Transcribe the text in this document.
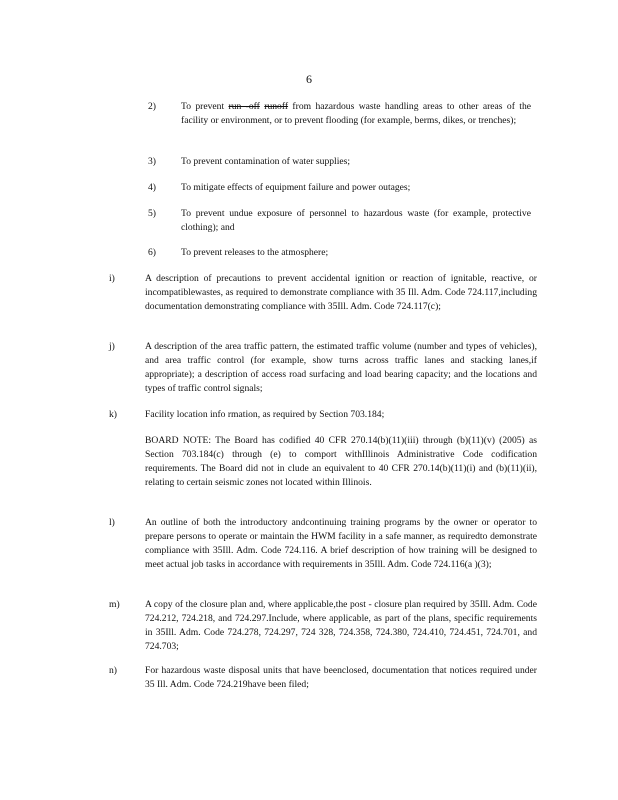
6
2)	To prevent run -off runoff from hazardous waste handling areas to other areas of the facility or environment, or to prevent flooding (for example, berms, dikes, or trenches);
3)	To prevent contamination of water supplies;
4)	To mitigate effects of equipment failure and power outages;
5)	To prevent undue exposure of personnel to hazardous waste (for example, protective clothing); and
6)	To prevent releases to the atmosphere;
i)	A description of precautions to prevent accidental ignition or reaction of ignitable, reactive, or incompatiblewastes, as required to demonstrate compliance with 35 Ill. Adm. Code 724.117,including documentation demonstrating compliance with 35Ill. Adm. Code 724.117(c);
j)	A description of the area traffic pattern, the estimated traffic volume (number and types of vehicles), and area traffic control (for example, show turns across traffic lanes and stacking lanes,if appropriate); a description of access road surfacing and load bearing capacity; and the locations and types of traffic control signals;
k)	Facility location info rmation, as required by Section 703.184;
BOARD NOTE: The Board has codified 40 CFR 270.14(b)(11)(iii) through (b)(11)(v) (2005) as Section 703.184(c) through (e) to comport withIllinois Administrative Code codification requirements. The Board did not in clude an equivalent to 40 CFR 270.14(b)(11)(i) and (b)(11)(ii), relating to certain seismic zones not located within Illinois.
l)	An outline of both the introductory andcontinuing training programs by the owner or operator to prepare persons to operate or maintain the HWM facility in a safe manner, as requiredto demonstrate compliance with 35Ill. Adm. Code 724.116. A brief description of how training will be designed to meet actual job tasks in accordance with requirements in 35Ill. Adm. Code 724.116(a )(3);
m)	A copy of the closure plan and, where applicable,the post - closure plan required by 35Ill. Adm. Code 724.212, 724.218, and 724.297.Include, where applicable, as part of the plans, specific requirements in 35Ill. Adm. Code 724.278, 724.297, 724 328, 724.358, 724.380, 724.410, 724.451, 724.701, and 724.703;
n)	For hazardous waste disposal units that have beenclosed, documentation that notices required under 35 Ill. Adm. Code 724.219have been filed;
